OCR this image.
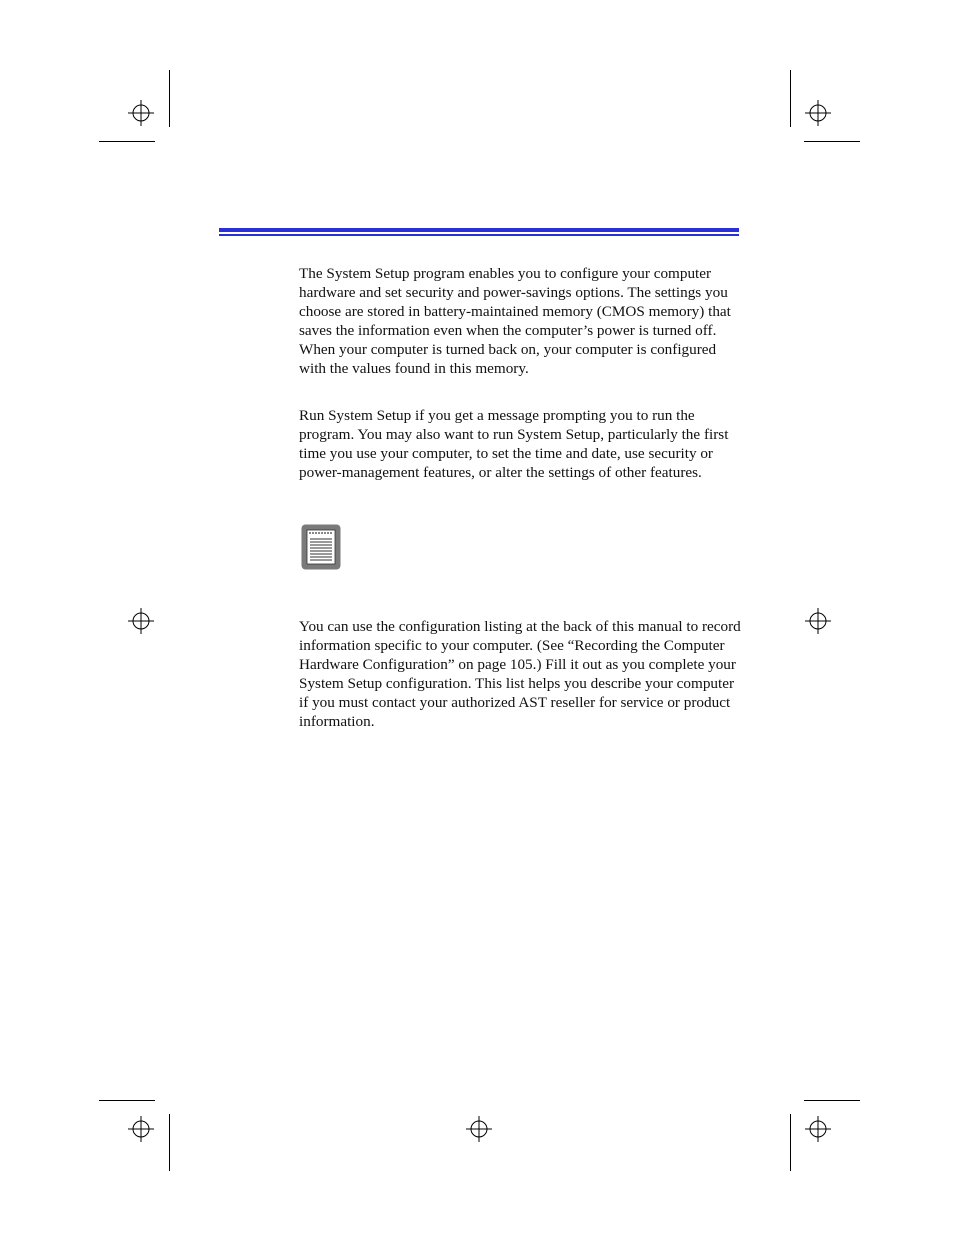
The System Setup program enables you to configure your computer hardware and set security and power-savings options. The settings you choose are stored in battery-maintained memory (CMOS memory) that saves the information even when the computer’s power is turned off. When your computer is turned back on, your computer is configured with the values found in this memory.

Run System Setup if you get a message prompting you to run the program. You may also want to run System Setup, particularly the first time you use your computer, to set the time and date, use security or power-management features, or alter the settings of other features.

You can use the configuration listing at the back of this manual to record information specific to your computer. (See “Recording the Computer Hardware Configuration” on page 105.) Fill it out as you complete your System Setup configuration. This list helps you describe your computer if you must contact your authorized AST reseller for service or product information.
